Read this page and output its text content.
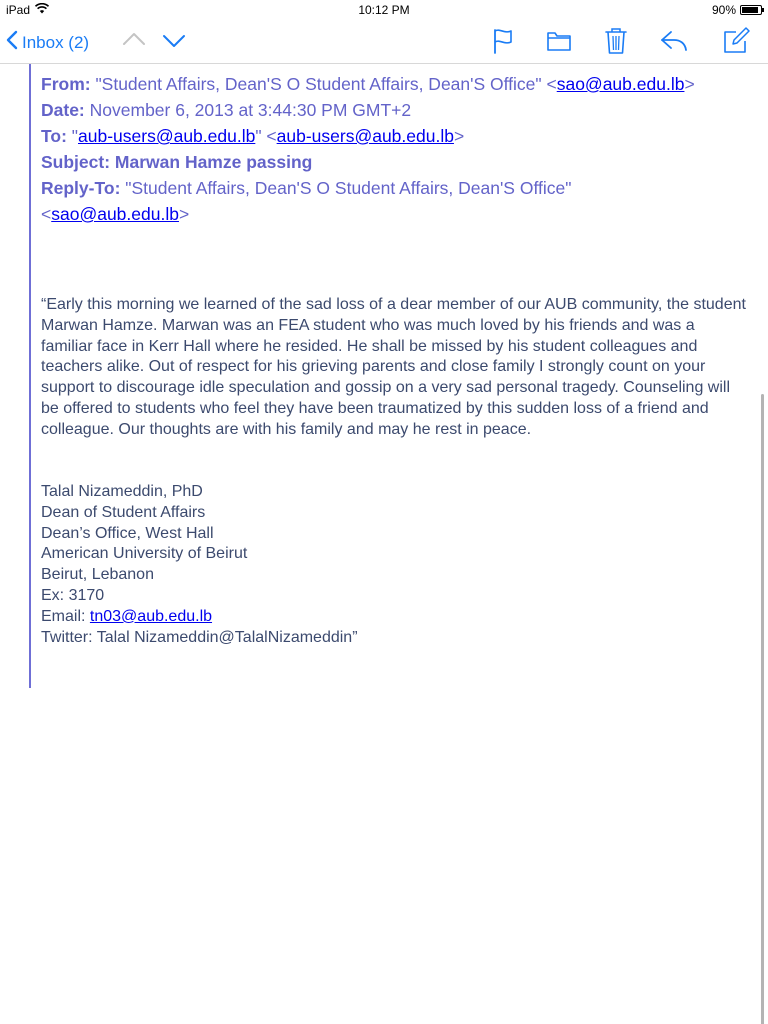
iPad	10:12 PM	90%
Inbox (2)
From: "Student Affairs, Dean'S O Student Affairs, Dean'S Office" <sao@aub.edu.lb>
Date: November 6, 2013 at 3:44:30 PM GMT+2
To: "aub-users@aub.edu.lb" <aub-users@aub.edu.lb>
Subject: Marwan Hamze passing
Reply-To: "Student Affairs, Dean'S O Student Affairs, Dean'S Office"
<sao@aub.edu.lb>
“Early this morning we learned of the sad loss of a dear member of our AUB community, the student Marwan Hamze. Marwan was an FEA student who was much loved by his friends and was a familiar face in Kerr Hall where he resided. He shall be missed by his student colleagues and teachers alike. Out of respect for his grieving parents and close family I strongly count on your support to discourage idle speculation and gossip on a very sad personal tragedy. Counseling will be offered to students who feel they have been traumatized by this sudden loss of a friend and colleague. Our thoughts are with his family and may he rest in peace.
Talal Nizameddin, PhD
Dean of Student Affairs
Dean’s Office, West Hall
American University of Beirut
Beirut, Lebanon
Ex: 3170
Email: tn03@aub.edu.lb
Twitter: Talal Nizameddin@TalalNizameddin”
